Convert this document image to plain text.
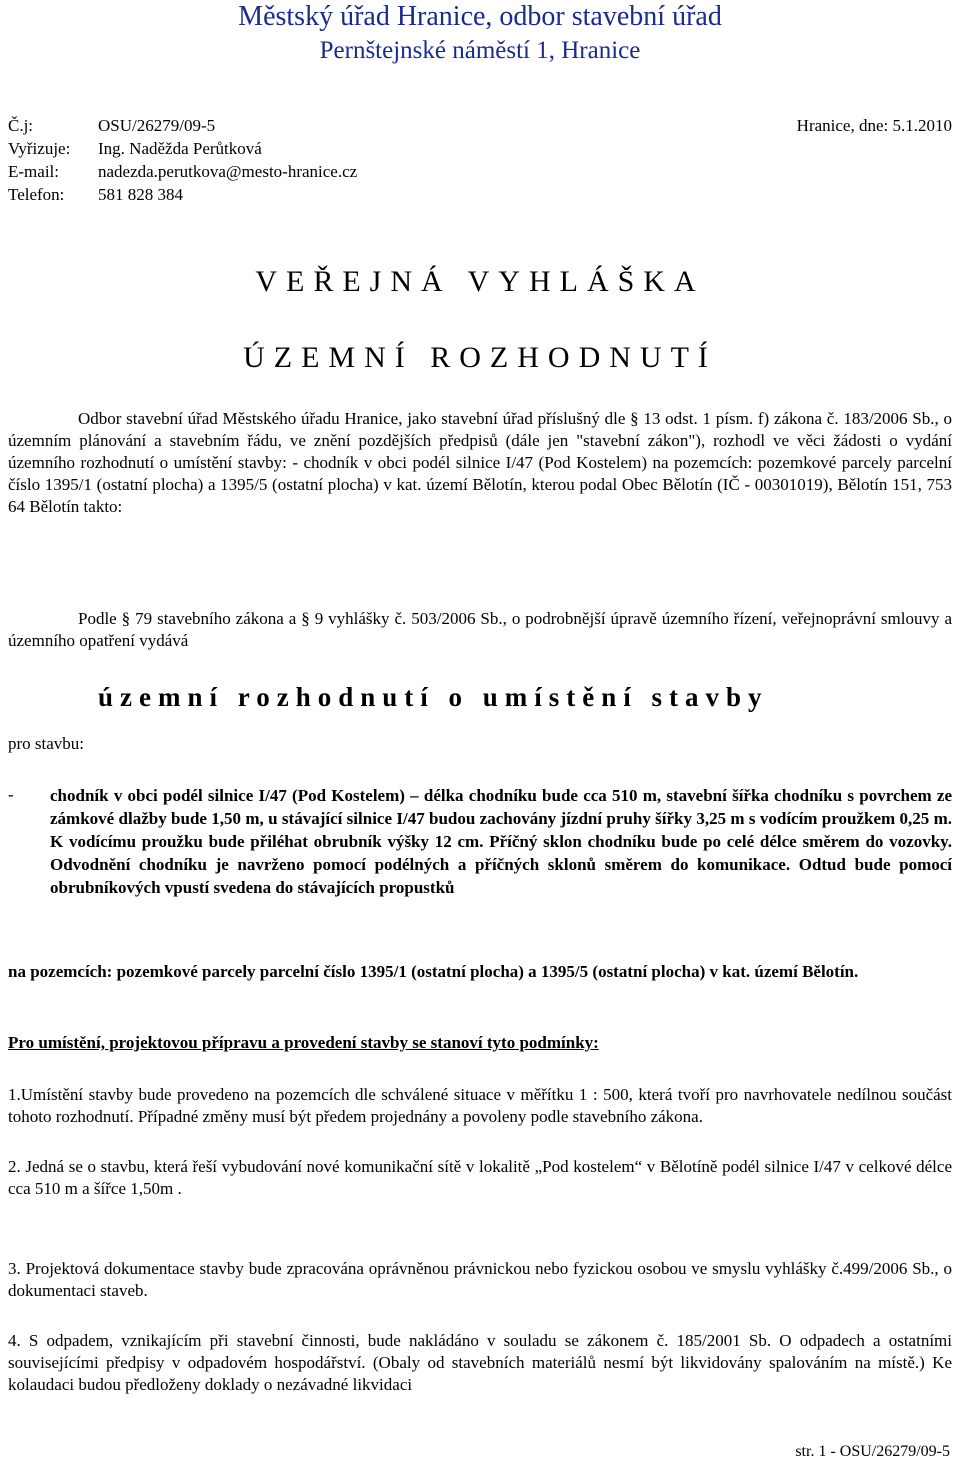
Městský úřad Hranice, odbor stavební úřad
Pernštejnské náměstí 1, Hranice
Č.j:	OSU/26279/09-5	Hranice, dne: 5.1.2010
Vyřizuje: Ing. Naděžda Perůtková
E-mail: nadezda.perutkova@mesto-hranice.cz
Telefon: 581 828 384
VEŘEJNÁ VYHLÁŠKA
ÚZEMNÍ ROZHODNUTÍ

Odbor stavební úřad Městského úřadu Hranice, jako stavební úřad příslušný dle § 13 odst. 1 písm. f) zákona č. 183/2006 Sb., o územním plánování a stavebním řádu, ve znění pozdějších předpisů (dále jen "stavební zákon"), rozhodl ve věci žádosti o vydání územního rozhodnutí o umístění stavby: - chodník v obci podél silnice I/47 (Pod Kostelem) na pozemcích: pozemkové parcely parcelní číslo 1395/1 (ostatní plocha) a 1395/5 (ostatní plocha) v kat. území Bělotín, kterou podal Obec Bělotín (IČ - 00301019), Bělotín 151, 753 64 Bělotín takto:

Podle § 79 stavebního zákona a § 9 vyhlášky č. 503/2006 Sb., o podrobnější úpravě územního řízení, veřejnoprávní smlouvy a územního opatření vydává

územní rozhodnutí o umístění stavby
pro stavbu:
- chodník v obci podél silnice I/47 (Pod Kostelem) – délka chodníku bude cca 510 m, stavební šířka chodníku s povrchem ze zámkové dlažby bude 1,50 m, u stávající silnice I/47 budou zachovány jízdní pruhy šířky 3,25 m s vodícím proužkem 0,25 m. K vodícímu proužku bude přiléhat obrubník výšky 12 cm. Příčný sklon chodníku bude po celé délce směrem do vozovky. Odvodnění chodníku je navrženo pomocí podélných a příčných sklonů směrem do komunikace. Odtud bude pomocí obrubníkových vpustí svedena do stávajících propustků
na pozemcích: pozemkové parcely parcelní číslo 1395/1 (ostatní plocha) a 1395/5 (ostatní plocha) v kat. území Bělotín.
Pro umístění, projektovou přípravu a provedení stavby se stanoví tyto podmínky:
1.Umístění stavby bude provedeno na pozemcích dle schválené situace v měřítku 1 : 500, která tvoří pro navrhovatele nedílnou součást tohoto rozhodnutí. Případné změny musí být předem projednány a povoleny podle stavebního zákona.
2. Jedná se o stavbu, která řeší vybudování nové komunikační sítě v lokalitě „Pod kostelem“ v Bělotíně podél silnice I/47 v celkové délce cca 510 m a šířce 1,50m .
3. Projektová dokumentace stavby bude zpracována oprávněnou právnickou nebo fyzickou osobou ve smyslu vyhlášky č.499/2006 Sb., o dokumentaci staveb.
4. S odpadem, vznikajícím při stavební činnosti, bude nakládáno v souladu se zákonem č. 185/2001 Sb. O odpadech a ostatními souvisejícími předpisy v odpadovém hospodářství. (Obaly od stavebních materiálů nesmí být likvidovány spalováním na místě.) Ke kolaudaci budou předloženy doklady o nezávadné likvidaci
str. 1 - OSU/26279/09-5
